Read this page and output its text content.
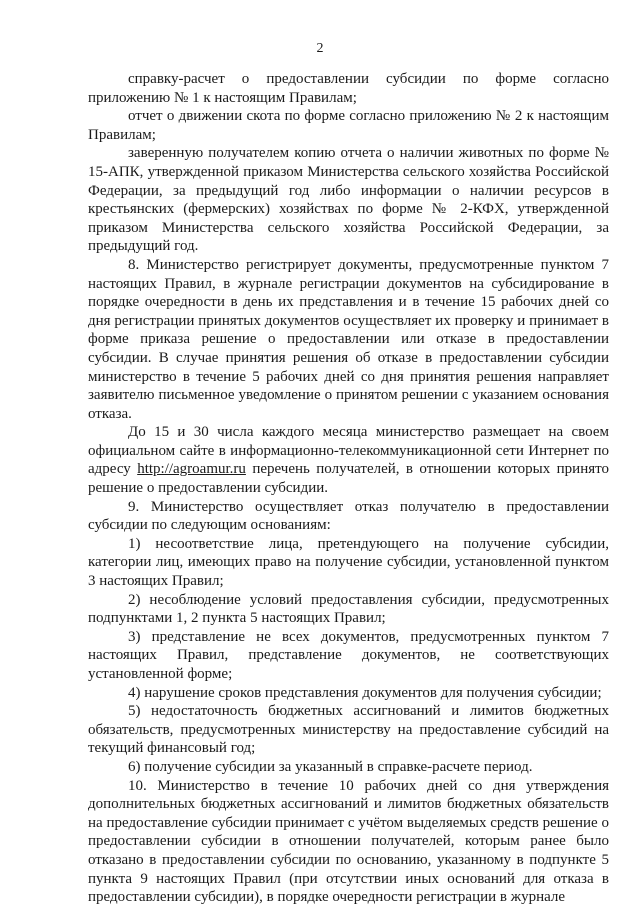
2

справку-расчет о предоставлении субсидии по форме согласно приложению № 1 к настоящим Правилам;

отчет о движении скота по форме согласно приложению № 2 к настоящим Правилам;

заверенную получателем копию отчета о наличии животных по форме № 15-АПК, утвержденной приказом Министерства сельского хозяйства Российской Федерации, за предыдущий год либо информации о наличии ресурсов в крестьянских (фермерских) хозяйствах по форме № 2-КФХ, утвержденной приказом Министерства сельского хозяйства Российской Федерации, за предыдущий год.

8. Министерство регистрирует документы, предусмотренные пунктом 7 настоящих Правил, в журнале регистрации документов на субсидирование в порядке очередности в день их представления и в течение 15 рабочих дней со дня регистрации принятых документов осуществляет их проверку и принимает в форме приказа решение о предоставлении или отказе в предоставлении субсидии. В случае принятия решения об отказе в предоставлении субсидии министерство в течение 5 рабочих дней со дня принятия решения направляет заявителю письменное уведомление о принятом решении с указанием основания отказа.

До 15 и 30 числа каждого месяца министерство размещает на своем официальном сайте в информационно-телекоммуникационной сети Интернет по адресу http://agroamur.ru перечень получателей, в отношении которых принято решение о предоставлении субсидии.

9. Министерство осуществляет отказ получателю в предоставлении субсидии по следующим основаниям:

1) несоответствие лица, претендующего на получение субсидии, категории лиц, имеющих право на получение субсидии, установленной пунктом 3 настоящих Правил;

2) несоблюдение условий предоставления субсидии, предусмотренных подпунктами 1, 2 пункта 5 настоящих Правил;

3) представление не всех документов, предусмотренных пунктом 7 настоящих Правил, представление документов, не соответствующих установленной форме;

4) нарушение сроков представления документов для получения субсидии;

5) недостаточность бюджетных ассигнований и лимитов бюджетных обязательств, предусмотренных министерству на предоставление субсидий на текущий финансовый год;

6) получение субсидии за указанный в справке-расчете период.

10. Министерство в течение 10 рабочих дней со дня утверждения дополнительных бюджетных ассигнований и лимитов бюджетных обязательств на предоставление субсидии принимает с учётом выделяемых средств решение о предоставлении субсидии в отношении получателей, которым ранее было отказано в предоставлении субсидии по основанию, указанному в подпункте 5 пункта 9 настоящих Правил (при отсутствии иных оснований для отказа в предоставлении субсидии), в порядке очередности регистрации в журнале
